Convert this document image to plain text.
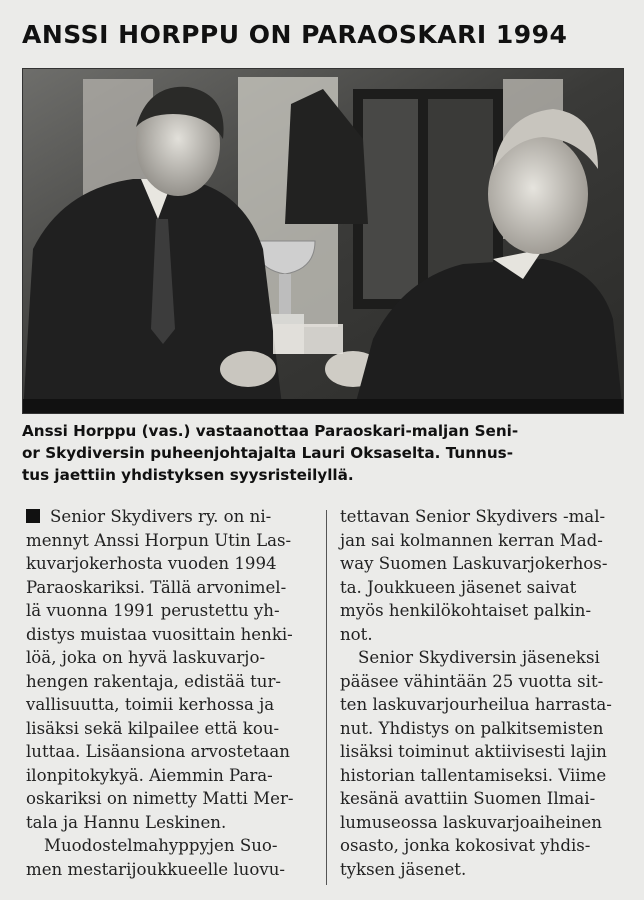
ANSSI HORPPU ON PARAOSKARI 1994
Anssi Horppu (vas.) vastaanottaa Paraoskari-maljan Seni-
or Skydiversin puheenjohtajalta Lauri Oksaselta. Tunnus-
tus jaettiin yhdistyksen syysristeilyllä.
Senior Skydivers ry. on ni-
mennyt Anssi Horpun Utin Las-
kuvarjokerhosta vuoden 1994
Paraoskariksi. Tällä arvonimel-
lä vuonna 1991 perustettu yh-
distys muistaa vuosittain henki-
löä, joka on hyvä laskuvarjo-
hengen rakentaja, edistää tur-
vallisuutta, toimii kerhossa ja
lisäksi sekä kilpailee että kou-
luttaa. Lisäansiona arvostetaan
ilonpitokykyä. Aiemmin Para-
oskariksi on nimetty Matti Mer-
tala ja Hannu Leskinen.
Muodostelmahyppyjen Suo-
men mestarijoukkueelle luovu-
tettavan Senior Skydivers -mal-
jan sai kolmannen kerran Mad-
way Suomen Laskuvarjokerhos-
ta. Joukkueen jäsenet saivat
myös henkilökohtaiset palkin-
not.
Senior Skydiversin jäseneksi
pääsee vähintään 25 vuotta sit-
ten laskuvarjourheilua harrasta-
nut. Yhdistys on palkitsemisten
lisäksi toiminut aktiivisesti lajin
historian tallentamiseksi. Viime
kesänä avattiin Suomen Ilmai-
lumuseossa laskuvarjoaiheinen
osasto, jonka kokosivat yhdis-
tyksen jäsenet.
